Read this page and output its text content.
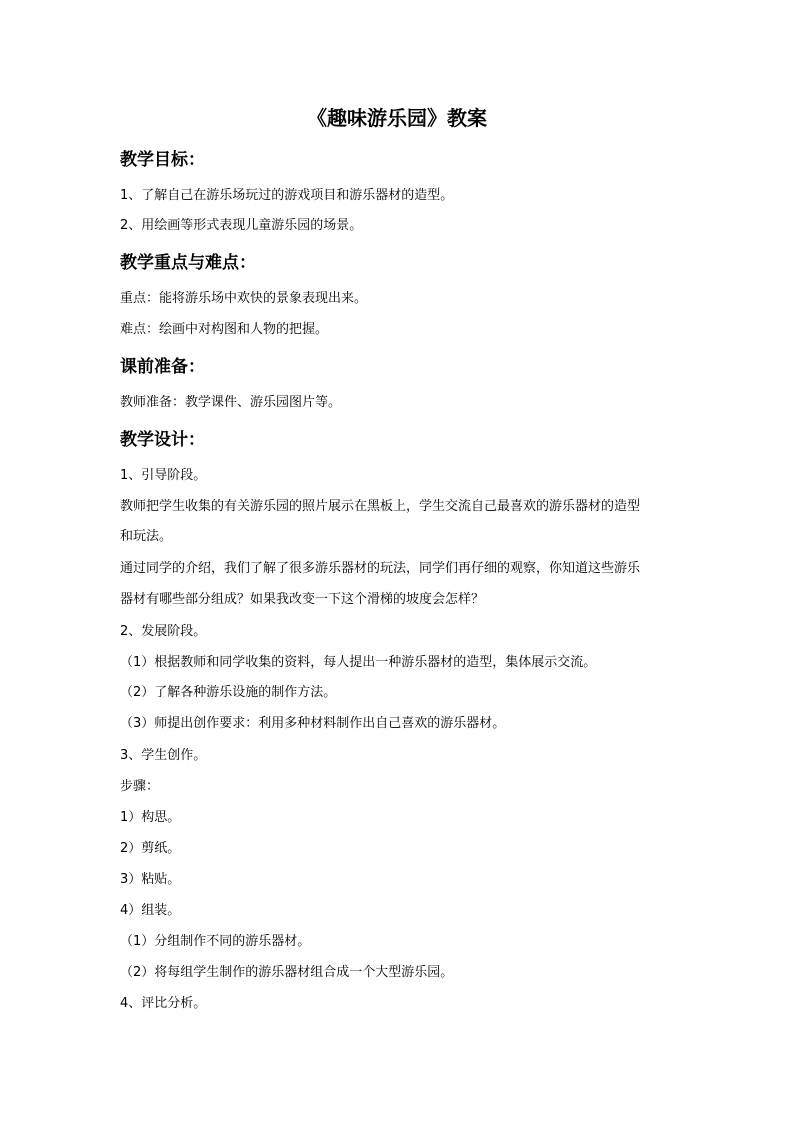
《趣味游乐园》教案
教学目标：
1、了解自己在游乐场玩过的游戏项目和游乐器材的造型。
2、用绘画等形式表现儿童游乐园的场景。
教学重点与难点：
重点：能将游乐场中欢快的景象表现出来。
难点：绘画中对构图和人物的把握。
课前准备：
教师准备：教学课件、游乐园图片等。
教学设计：
1、引导阶段。
教师把学生收集的有关游乐园的照片展示在黑板上，学生交流自己最喜欢的游乐器材的造型
和玩法。
通过同学的介绍，我们了解了很多游乐器材的玩法，同学们再仔细的观察，你知道这些游乐
器材有哪些部分组成？如果我改变一下这个滑梯的坡度会怎样？
2、发展阶段。
（1）根据教师和同学收集的资料，每人提出一种游乐器材的造型，集体展示交流。
（2）了解各种游乐设施的制作方法。
（3）师提出创作要求：利用多种材料制作出自己喜欢的游乐器材。
3、学生创作。
步骤：
1）构思。
2）剪纸。
3）粘贴。
4）组装。
（1）分组制作不同的游乐器材。
（2）将每组学生制作的游乐器材组合成一个大型游乐园。
4、评比分析。
